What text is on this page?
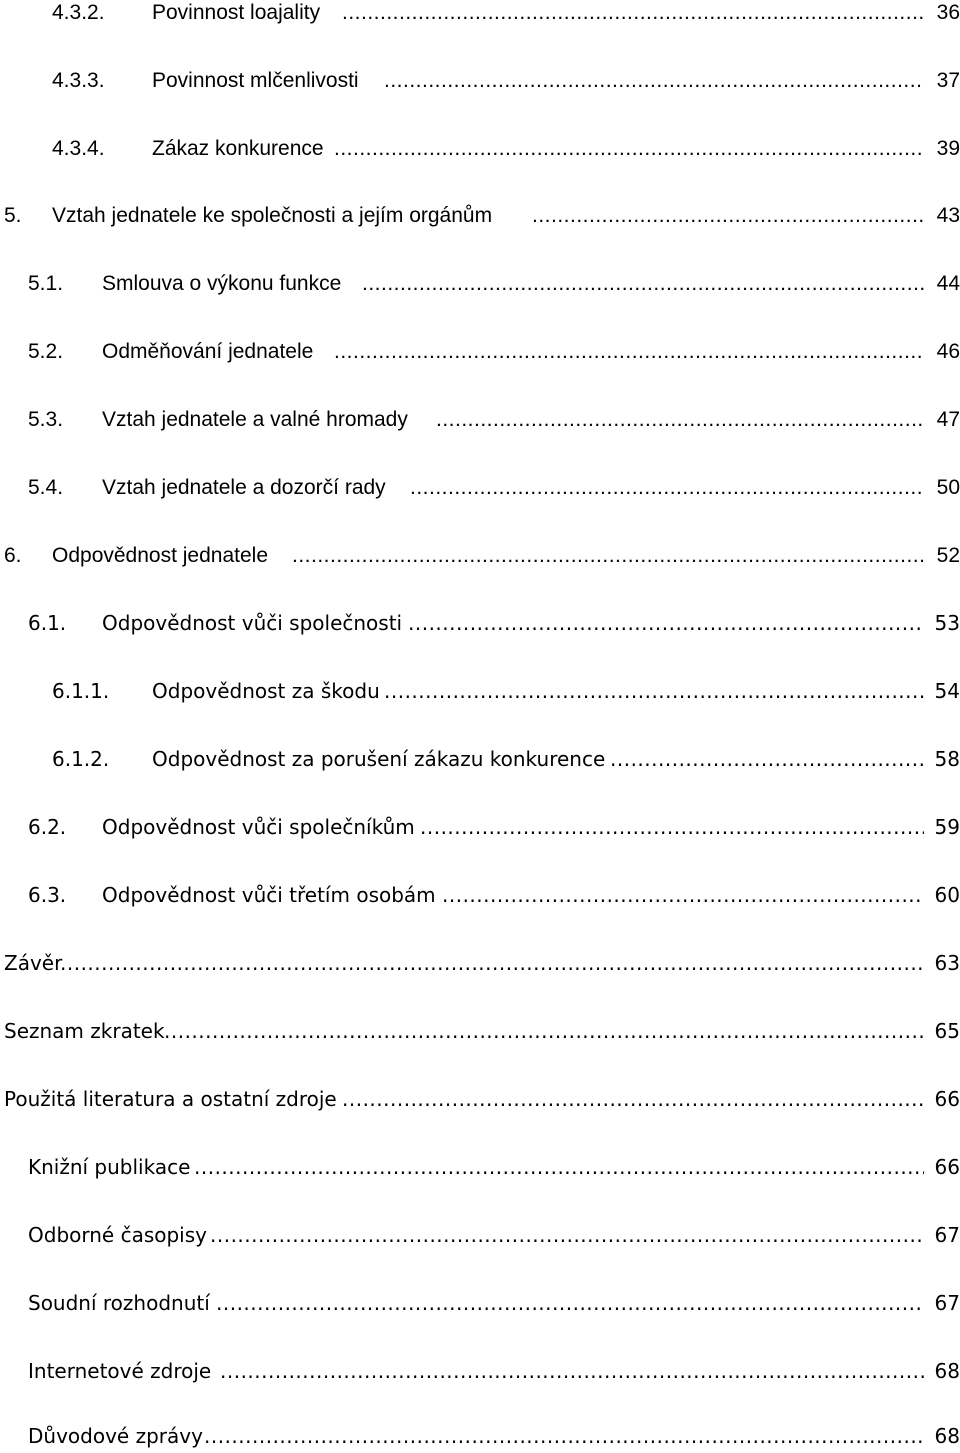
4.3.2. Povinnost loajality .....	36
4.3.3. Povinnost mlčenlivosti .....	37
4.3.4. Zákaz konkurence .....	39
5. Vztah jednatele ke společnosti a jejím orgánům .....	43
5.1. Smlouva o výkonu funkce .....	44
5.2. Odměňování jednatele .....	46
5.3. Vztah jednatele a valné hromady .....	47
5.4. Vztah jednatele a dozorčí rady .....	50
6. Odpovědnost jednatele .....	52
6.1. Odpovědnost vůči společnosti .....	53
6.1.1. Odpovědnost za škodu .....	54
6.1.2. Odpovědnost za porušení zákazu konkurence .....	58
6.2. Odpovědnost vůči společníkům .....	59
6.3. Odpovědnost vůči třetím osobám .....	60
Závěr .....	63
Seznam zkratek .....	65
Použitá literatura a ostatní zdroje .....	66
Knižní publikace .....	66
Odborné časopisy .....	67
Soudní rozhodnutí .....	67
Internetové zdroje .....	68
Důvodové zprávy .....	68
